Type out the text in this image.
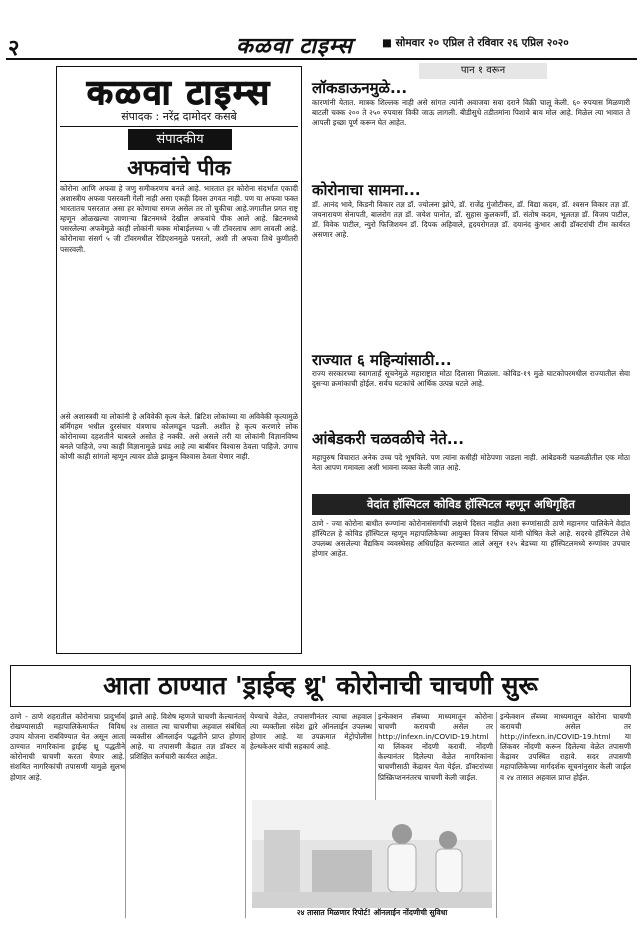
२	कळवा टाइम्स	■ सोमवार २० एप्रिल ते रविवार २६ एप्रिल २०२०
कळवा टाइम्स
संपादक : नरेंद्र दामोदर कसबे
संपादकीय
अफवांचे पीक
कोरोना आणि अफवा हे जणु समीकरणच बनले आहे. भारतात हर कोरोना संदर्भात एकादी अशास्त्रीय अफवा पसरवली गेली नाही असा एकही दिवस उगवत नाही. पण या अफवा फक्त भारतातच पसरतात असा हर कोणाचा समज असेल तर तो चुकीचा आहे.जगातील प्रगत राष्ट्र म्हणून ओळखल्या जाणाऱ्या ब्रिटनमध्ये देखील अफवांचे पीक आले आहे. ब्रिटनमध्ये पसरलेल्या अफवेमुळे काही लोकांनी चक्क मोबाईलच्या ५ जी टॉवरलाच आग लावली आहे. कोरोनाचा संसर्ग ५ जी टॉवरमधील रेडिएशनमुळे पसरतो, अशी ती अफवा तिथे कुणीतरी पसरवली.
असे अशास्त्रवी या लोकांनी हे अविवेकी कृत्य केले. ब्रिटिश लोकांच्या या अविवेकी कृत्यामुळे बर्मिंगहम भधील दुरसंचार यंत्रणाच कोलमडून पडली. अशीत हे कृत्य करणारे लोक कोरोनाच्या दहशतीने घाबरले असोत हे नक्की. असे असले तरी या लोकांनी विज्ञानविष्य बनले पाहिजे, ज्या काही विज्ञानामुळे प्रचंड आहे त्या बाबींवर विश्वास ठेवला पाहिजे. उगाच कोणी काही सांगतो म्हणून त्यावर डोळे झाकून विश्वास ठेवता येणार नाही.
पान १ वरून
लॉकडाऊनमुळे...
कारणांनी येतात. मात्रक शिल्लक नाही असे सांगत त्यांनी अवाजवा सवा दराने विक्री चालू केली. ६० रुपयास मिळणारी बाटली चक्क २०० ते २५० रुपयास विकी जाऊ लागली. बीडीसुधे तडीतमांना पिशावे बाय मोल आहे. मिळेल त्या भावात ते आपली इच्छा पूर्ण करून घेत आहेत.
कोरोनाचा सामना...
डॉ. आनंद भावे, किडनी विकार तज्ञ डॉ. ज्योत्स्ना झोपे, डॉ. राजेंद्र गुंजोटीकर, डॉ. विद्या कदम, डॉ. श्वसन विकार तज्ञ डॉ. जयनारायण सेनापती, बालरोग तज्ञ डॉ. जयेश पानोत, डॉ. सुहास कुलकर्णी, डॉ. संतोष कदम, भूलतज्ञ डॉ. विजय पाटील, डॉ. विवेक पाटील, न्युरो फिजिशयन डॉ. दिपक अहिवाले, हृदयरोगतज्ञ डॉ. दयानंद कुंभार आदी डॉक्टरांची टीम कार्यरत असणार आहे.
राज्यात ६ महिन्यांसाठी...
राज्य सरकारच्या स्वागतार्ह सूचनेमुळे महाराष्ट्रात मोठा दिलासा मिळाला. कोविड-१९ मुळे घाटकोपरमधील राज्यातील सेवा दुसऱ्या क्रमांकाची होईल. सर्वच घटकांचे आर्थिक उत्पन्न घटले आहे.
आंबेडकरी चळवळीचे नेते...
महापुरुष विचारात अनेक उच्च पदे भूषविले. पण त्यांना कधीही मोठेपणा जडला नाही. आंबेडकरी चळवळीतील एक मोठा नेता आपण गमावला अशी भावना व्यक्त केली जात आहे.
वेदांत हॉस्पिटल कोविड हॉस्पिटल म्हणून अधिगृहित
ठाणे - ज्या कोरोना बाधीत रूग्णांना कोरोनासंसर्गाची लक्षणे दिसत नाहीत अशा रूग्णांसाठी ठाणे महानगर पालिकेने वेदांत हॉस्पिटल हे कोविड हॉस्पिटल म्हणून महापालिकेच्या आयुक्त विजय सिंघल यांनी घोषित केले आहे. सदरचे हॉस्पिटल तेथे उपलब्ध असलेल्या वैद्यकिय व्यवस्थेसह अधिग्रहित करण्यात आले असून १२५ बेडच्या या हॉस्पिटलमध्ये रुग्णांवर उपचार होणार आहेत.
आता ठाण्यात 'ड्राईव्ह थ्रू' कोरोनाची चाचणी सुरू
ठाणे - ठाणे शहरातील कोरोनाचा प्रादुर्भाव रोखण्यासाठी महापालिकेमार्फत विविध उपाय योजना राबविण्यात येत असून आता ठाण्यात नागरिकांना ड्राईव्ह थ्रू पद्धतीने कोरोनाची चाचणी करता येणार आहे. संशयित नागरिकांची तपासणी यामुळे सुलभ होणार आहे.
झाले आहे. विशेष म्हणजे चाचणी केल्यानंतर २४ तासात त्या चाचणीचा अहवाल संबंधित व्यक्तीस ऑनलाईन पद्धतीने प्राप्त होणार आहे. या तपासणी केंद्रात तज्ञ डॉक्टर व प्रशिक्षित कर्मचारी कार्यरत आहेत.
येण्याचे वेळेत, तपासणीनंतर त्याचा अहवाल त्या व्यक्तीला संदेश द्वारे ऑनलाईन उपलब्ध होणार आहे. या उपक्रमात मेट्रोपोलीस हेल्थकेअर यांची सहकार्य आहे.
इन्फेक्शन लॅबच्या माध्यमातून कोरोना चाचणी करायची असेल तर http://infexn.in/COVID-19.html या लिंकवर नोंदणी करावी. नोंदणी केल्यानंतर दिलेल्या वेळेत नागरिकांना चाचणीसाठी केंद्रावर येता येईल. डॉक्टरांच्या प्रिस्क्रिप्शननंतरच चाचणी केली जाईल.
इन्फेक्शन लॅब्च्या माध्यमातून कोरोना चाचणी करायची असेल तर http://infexn.in/COVID-19.html या लिंकवर नोंदणी करून दिलेल्या वेळेत तपासणी केंद्रावर उपस्थित राहावे. सदर तपासणी महापालिकेच्या मार्गदर्शक सूचनांनुसार केली जाईल व २४ तासात अहवाल प्राप्त होईल.
२४ तासात मिळणार रिपोर्ट! ऑनलाईन नोंदणीची सुविधा
